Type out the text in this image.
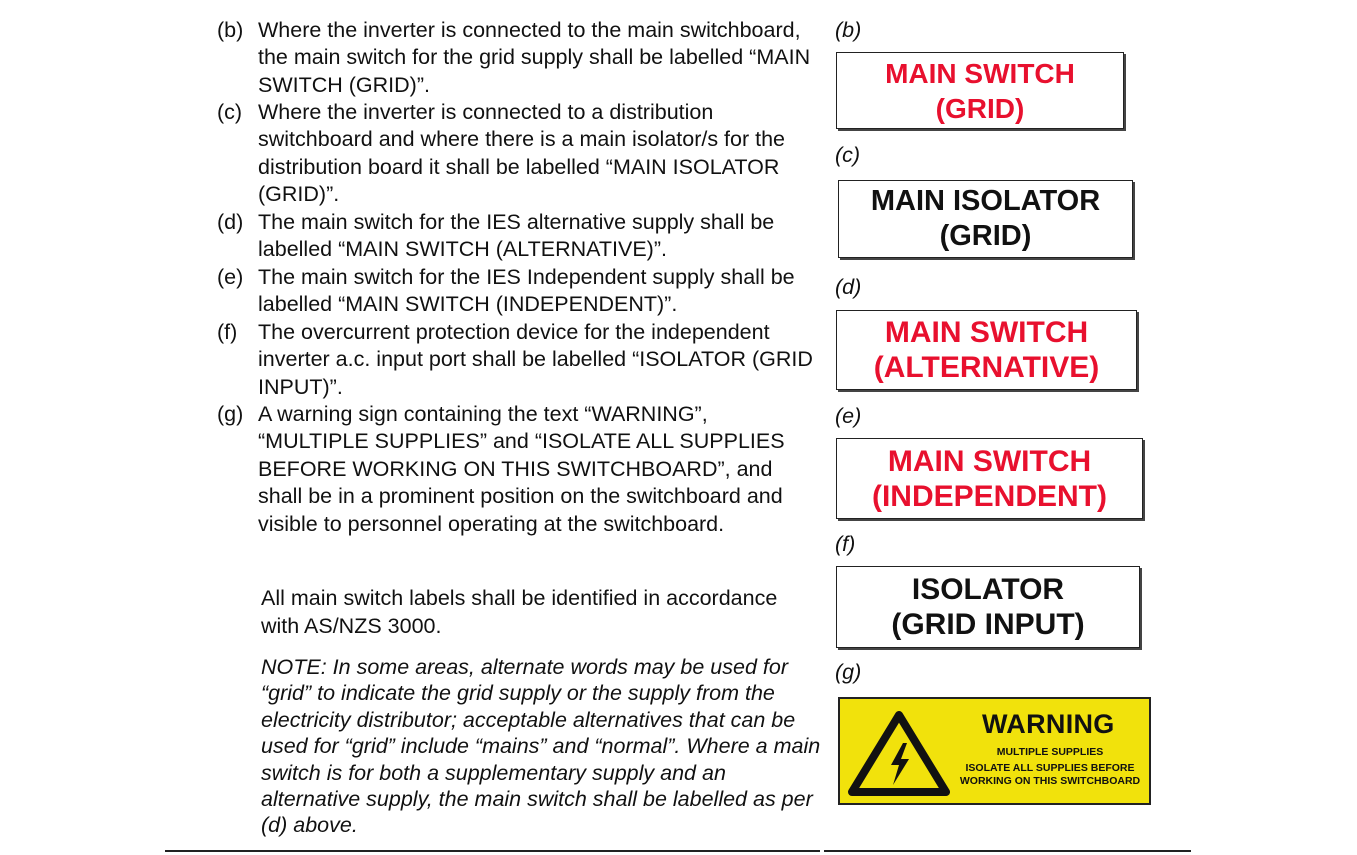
(b) Where the inverter is connected to the main switchboard, the main switch for the grid supply shall be labelled “MAIN SWITCH (GRID)”.
(c) Where the inverter is connected to a distribution switchboard and where there is a main isolator/s for the distribution board it shall be labelled “MAIN ISOLATOR (GRID)”.
(d) The main switch for the IES alternative supply shall be labelled “MAIN SWITCH (ALTERNATIVE)”.
(e) The main switch for the IES Independent supply shall be labelled “MAIN SWITCH (INDEPENDENT)”.
(f) The overcurrent protection device for the independent inverter a.c. input port shall be labelled “ISOLATOR (GRID INPUT)”.
(g) A warning sign containing the text “WARNING”, “MULTIPLE SUPPLIES” and “ISOLATE ALL SUPPLIES BEFORE WORKING ON THIS SWITCHBOARD”, and shall be in a prominent position on the switchboard and visible to personnel operating at the switchboard.
All main switch labels shall be identified in accordance with AS/NZS 3000.
NOTE: In some areas, alternate words may be used for “grid” to indicate the grid supply or the supply from the electricity distributor; acceptable alternatives that can be used for “grid” include “mains” and “normal”. Where a main switch is for both a supplementary supply and an alternative supply, the main switch shall be labelled as per (d) above.
(b)
MAIN SWITCH
(GRID)
(c)
MAIN ISOLATOR
(GRID)
(d)
MAIN SWITCH
(ALTERNATIVE)
(e)
MAIN SWITCH
(INDEPENDENT)
(f)
ISOLATOR
(GRID INPUT)
(g)
WARNING
MULTIPLE SUPPLIES
ISOLATE ALL SUPPLIES BEFORE
WORKING ON THIS SWITCHBOARD
